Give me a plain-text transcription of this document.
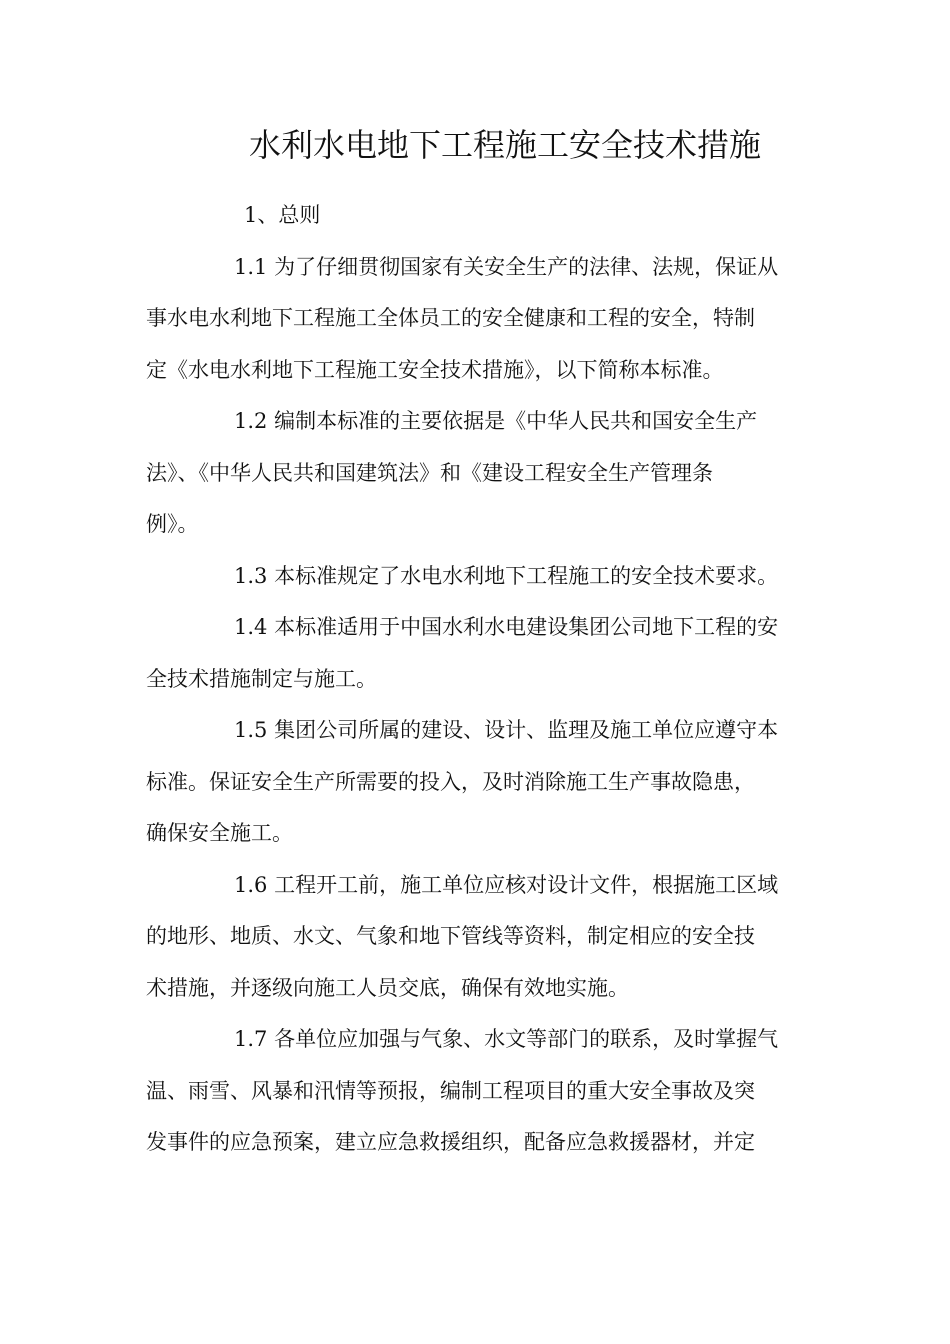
水利水电地下工程施工安全技术措施

1、总则

1.1 为了仔细贯彻国家有关安全生产的法律、法规，保证从
事水电水利地下工程施工全体员工的安全健康和工程的安全，特制
定《水电水利地下工程施工安全技术措施》，以下简称本标准。
1.2 编制本标准的主要依据是《中华人民共和国安全生产
法》、《中华人民共和国建筑法》和《建设工程安全生产管理条
例》。
1.3 本标准规定了水电水利地下工程施工的安全技术要求。
1.4 本标准适用于中国水利水电建设集团公司地下工程的安
全技术措施制定与施工。
1.5 集团公司所属的建设、设计、监理及施工单位应遵守本
标准。保证安全生产所需要的投入，及时消除施工生产事故隐患，
确保安全施工。
1.6 工程开工前，施工单位应核对设计文件，根据施工区域
的地形、地质、水文、气象和地下管线等资料，制定相应的安全技
术措施，并逐级向施工人员交底，确保有效地实施。
1.7 各单位应加强与气象、水文等部门的联系，及时掌握气
温、雨雪、风暴和汛情等预报，编制工程项目的重大安全事故及突
发事件的应急预案，建立应急救援组织，配备应急救援器材，并定
